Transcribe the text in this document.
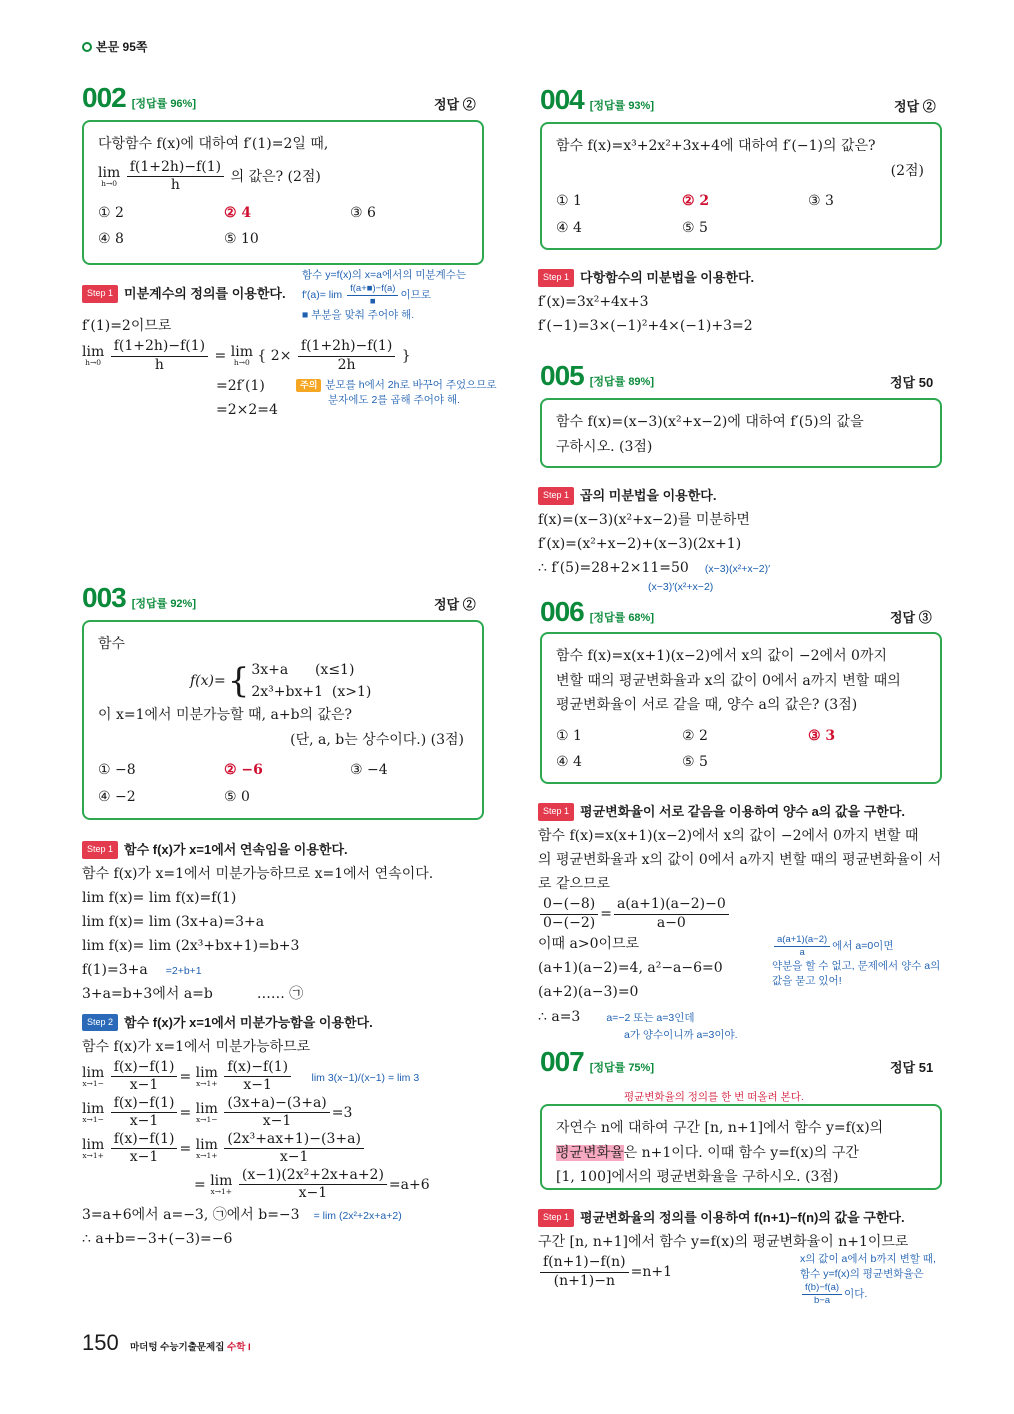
본문 95쪽
002 [정답률 96%]	정답 ②
다항함수 f(x)에 대하여 f′(1)=2일 때,
lim
h→0
$\frac{f(1+2h)-f(1)}{h}$ 의 값은? (2점)
① 2	② 4	③ 6
④ 8	⑤ 10
Step 1 미분계수의 정의를 이용한다.
f′(1)=2이므로
lim
h→0
$\frac{f(1+2h)-f(1)}{h} = \lim$
h→0 { $2\times \frac{f(1+2h)-f(1)}{2h}$ }
=2f′(1)
=2×2=4
함수 y=f(x)의 x=a에서의 미분계수는
$f'(a)= \lim \frac{f(a+■)-f(a)}{■}$ 이므로
■ 부분을 맞춰 주어야 해.
주의 분모를 h에서 2h로 바꾸어 주었으므로
분자에도 2를 곱해 주어야 해.
003 [정답률 92%]	정답 ②
함수
f(x)= { 3x+a      (x≤1)
2x³+bx+1  (x>1)
이 x=1에서 미분가능할 때, a+b의 값은?
(단, a, b는 상수이다.) (3점)
① −8	② −6	③ −4
④ −2	⑤ 0
Step 1 함수 f(x)가 x=1에서 연속임을 이용한다.
함수 f(x)가 x=1에서 미분가능하므로 x=1에서 연속이다.
lim f(x)= lim f(x)=f(1)
lim f(x)= lim (3x+a)=3+a
lim f(x)= lim (2x³+bx+1)=b+3
f(1)=3+a =2+b+1
3+a=b+3에서 a=b	…… ㉠
Step 2 함수 f(x)가 x=1에서 미분가능함을 이용한다.
함수 f(x)가 x=1에서 미분가능하므로
lim
x→1−
$\frac{f(x)-f(1)}{x-1} = \lim$
x→1+
$\frac{f(x)-f(1)}{x-1}$ lim 3(x−1)/(x−1) = lim 3
lim
x→1−
$\frac{f(x)-f(1)}{x-1} = \lim$
x→1−
$\frac{(3x+a)-(3+a)}{x-1} =3$
lim
x→1+
$\frac{f(x)-f(1)}{x-1} = \lim$
x→1+
$\frac{\text{(2x³+ax+1)−(3+a)}}{x-1}$
= lim
x→1+
$\frac{\text{(x−1)(2x²+2x+a+2)}}{x-1} =a+6$
3=a+6에서 a=−3, ㉠에서 b=−3 = lim (2x²+2x+a+2)
∴ a+b=−3+(−3)=−6
004 [정답률 93%]	정답 ②
함수 f(x)=x³+2x²+3x+4에 대하여 f′(−1)의 값은?
(2점)
① 1	② 2	③ 3
④ 4	⑤ 5
Step 1 다항함수의 미분법을 이용한다.
f′(x)=3x²+4x+3
f′(−1)=3×(−1)²+4×(−1)+3=2
005 [정답률 89%]	정답 50
함수 f(x)=(x−3)(x²+x−2)에 대하여 f′(5)의 값을
구하시오. (3점)
Step 1 곱의 미분법을 이용한다.
f(x)=(x−3)(x²+x−2)를 미분하면
f′(x)=(x²+x−2)+(x−3)(2x+1)
∴ f′(5)=28+2×11=50 (x−3)(x²+x−2)′
(x−3)′(x²+x−2)
006 [정답률 68%]	정답 ③
함수 f(x)=x(x+1)(x−2)에서 x의 값이 −2에서 0까지
변할 때의 평균변화율과 x의 값이 0에서 a까지 변할 때의
평균변화율이 서로 같을 때, 양수 a의 값은? (3점)
① 1	② 2	③ 3
④ 4	⑤ 5
Step 1 평균변화율이 서로 같음을 이용하여 양수 a의 값을 구한다.
함수 f(x)=x(x+1)(x−2)에서 x의 값이 −2에서 0까지 변할 때
의 평균변화율과 x의 값이 0에서 a까지 변할 때의 평균변화율이 서
로 같으므로
$\frac{0-(-8)}{0-(-2)} = \frac{a(a+1)(a-2)-0}{a-0}$
이때 a>0이므로
(a+1)(a−2)=4, a²−a−6=0
(a+2)(a−3)=0
∴ a=3 a=−2 또는 a=3인데
a가 양수이니까 a=3이야.
$\frac{a(a+1)(a-2)}{a}$ 에서 a=0이면
약분을 할 수 없고, 문제에서 양수 a의
값을 묻고 있어!
007 [정답률 75%]	정답 51
평균변화율의 정의를 한 번 떠올려 본다.
자연수 n에 대하여 구간 [n, n+1]에서 함수 y=f(x)의
평균변화율은 n+1이다. 이때 함수 y=f(x)의 구간
[1, 100]에서의 평균변화율을 구하시오. (3점)
Step 1 평균변화율의 정의를 이용하여 f(n+1)−f(n)의 값을 구한다.
구간 [n, n+1]에서 함수 y=f(x)의 평균변화율이 n+1이므로
$\frac{f(n+1)-f(n)}{(n+1)-n} =n+1$
x의 값이 a에서 b까지 변할 때,
함수 y=f(x)의 평균변화율은
$\frac{f(b)-f(a)}{b-a}$ 이다.
150 마더텅 수능기출문제집 수학 I
